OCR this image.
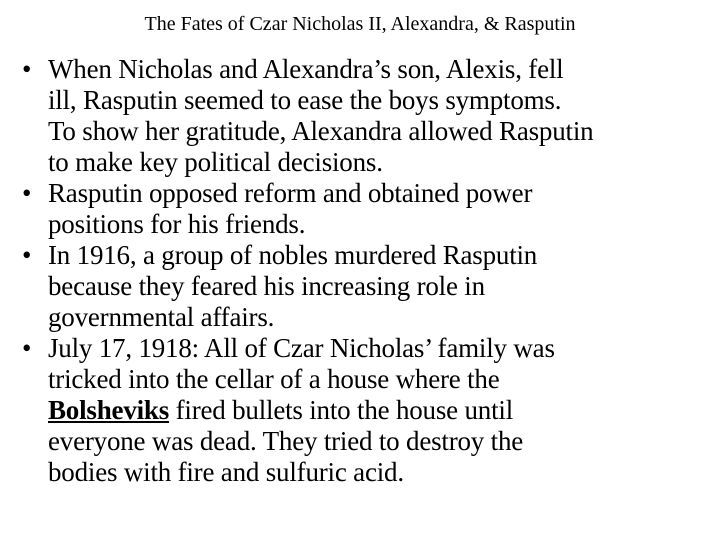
The Fates of Czar Nicholas II, Alexandra, & Rasputin
• When Nicholas and Alexandra’s son, Alexis, fell
ill, Rasputin seemed to ease the boys symptoms.
To show her gratitude, Alexandra allowed Rasputin
to make key political decisions.
• Rasputin opposed reform and obtained power
positions for his friends.
• In 1916, a group of nobles murdered Rasputin
because they feared his increasing role in
governmental affairs.
• July 17, 1918: All of Czar Nicholas’ family was
tricked into the cellar of a house where the
Bolsheviks fired bullets into the house until
everyone was dead. They tried to destroy the
bodies with fire and sulfuric acid.
